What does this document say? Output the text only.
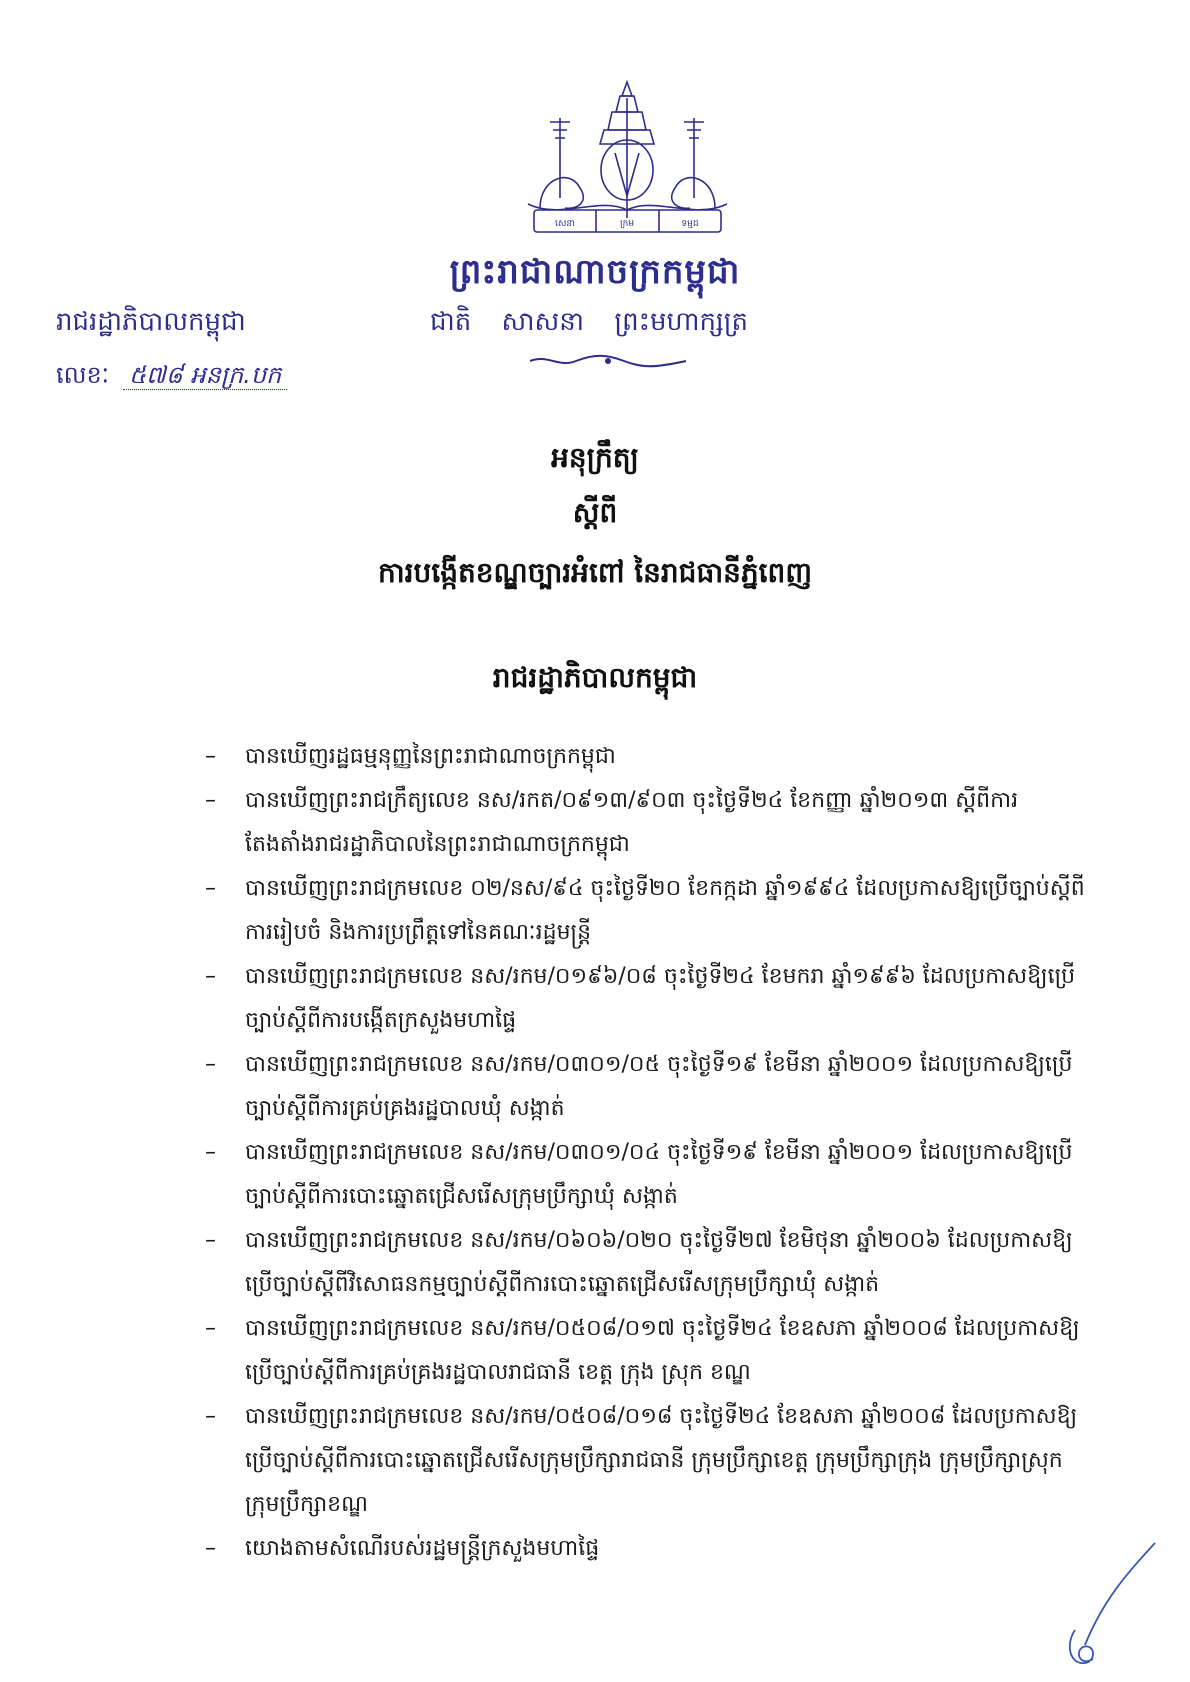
សេនា	ក្រម	ទម្មដ
ព្រះរាជាណាចក្រកម្ពុជា
ជាតិ សាសនា ព្រះមហាក្សត្រ
រាជរដ្ឋាភិបាលកម្ពុជា
លេខៈ ៥៧៨ អនក្រ.បក
អនុក្រឹត្យ
ស្ដីពី
ការបង្កើតខណ្ឌច្បារអំពៅ នៃរាជធានីភ្នំពេញ
រាជរដ្ឋាភិបាលកម្ពុជា
– បានឃើញរដ្ឋធម្មនុញ្ញនៃព្រះរាជាណាចក្រកម្ពុជា
– បានឃើញព្រះរាជក្រឹត្យលេខ នស/រកត/០៩១៣/៩០៣ ចុះថ្ងៃទី២៤ ខែកញ្ញា ឆ្នាំ២០១៣ ស្ដីពីការតែងតាំងរាជរដ្ឋាភិបាលនៃព្រះរាជាណាចក្រកម្ពុជា
– បានឃើញព្រះរាជក្រមលេខ ០២/នស/៩៤ ចុះថ្ងៃទី២០ ខែកក្កដា ឆ្នាំ១៩៩៤ ដែលប្រកាសឱ្យប្រើច្បាប់ស្ដីពីការរៀបចំ និងការប្រព្រឹត្តទៅនៃគណៈរដ្ឋមន្ត្រី
– បានឃើញព្រះរាជក្រមលេខ នស/រកម/០១៩៦/០៨ ចុះថ្ងៃទី២៤ ខែមករា ឆ្នាំ១៩៩៦ ដែលប្រកាសឱ្យប្រើច្បាប់ស្ដីពីការបង្កើតក្រសួងមហាផ្ទៃ
– បានឃើញព្រះរាជក្រមលេខ នស/រកម/០៣០១/០៥ ចុះថ្ងៃទី១៩ ខែមីនា ឆ្នាំ២០០១ ដែលប្រកាសឱ្យប្រើច្បាប់ស្ដីពីការគ្រប់គ្រងរដ្ឋបាលឃុំ សង្កាត់
– បានឃើញព្រះរាជក្រមលេខ នស/រកម/០៣០១/០៤ ចុះថ្ងៃទី១៩ ខែមីនា ឆ្នាំ២០០១ ដែលប្រកាសឱ្យប្រើច្បាប់ស្ដីពីការបោះឆ្នោតជ្រើសរើសក្រុមប្រឹក្សាឃុំ សង្កាត់
– បានឃើញព្រះរាជក្រមលេខ នស/រកម/០៦០៦/០២០ ចុះថ្ងៃទី២៧ ខែមិថុនា ឆ្នាំ២០០៦ ដែលប្រកាសឱ្យប្រើច្បាប់ស្ដីពីវិសោធនកម្មច្បាប់ស្ដីពីការបោះឆ្នោតជ្រើសរើសក្រុមប្រឹក្សាឃុំ សង្កាត់
– បានឃើញព្រះរាជក្រមលេខ នស/រកម/០៥០៨/០១៧ ចុះថ្ងៃទី២៤ ខែឧសភា ឆ្នាំ២០០៨ ដែលប្រកាសឱ្យប្រើច្បាប់ស្ដីពីការគ្រប់គ្រងរដ្ឋបាលរាជធានី ខេត្ត ក្រុង ស្រុក ខណ្ឌ
– បានឃើញព្រះរាជក្រមលេខ នស/រកម/០៥០៨/០១៨ ចុះថ្ងៃទី២៤ ខែឧសភា ឆ្នាំ២០០៨ ដែលប្រកាសឱ្យប្រើច្បាប់ស្ដីពីការបោះឆ្នោតជ្រើសរើសក្រុមប្រឹក្សារាជធានី ក្រុមប្រឹក្សាខេត្ត ក្រុមប្រឹក្សាក្រុង ក្រុមប្រឹក្សាស្រុក ក្រុមប្រឹក្សាខណ្ឌ
– យោងតាមសំណើរបស់រដ្ឋមន្ត្រីក្រសួងមហាផ្ទៃ
